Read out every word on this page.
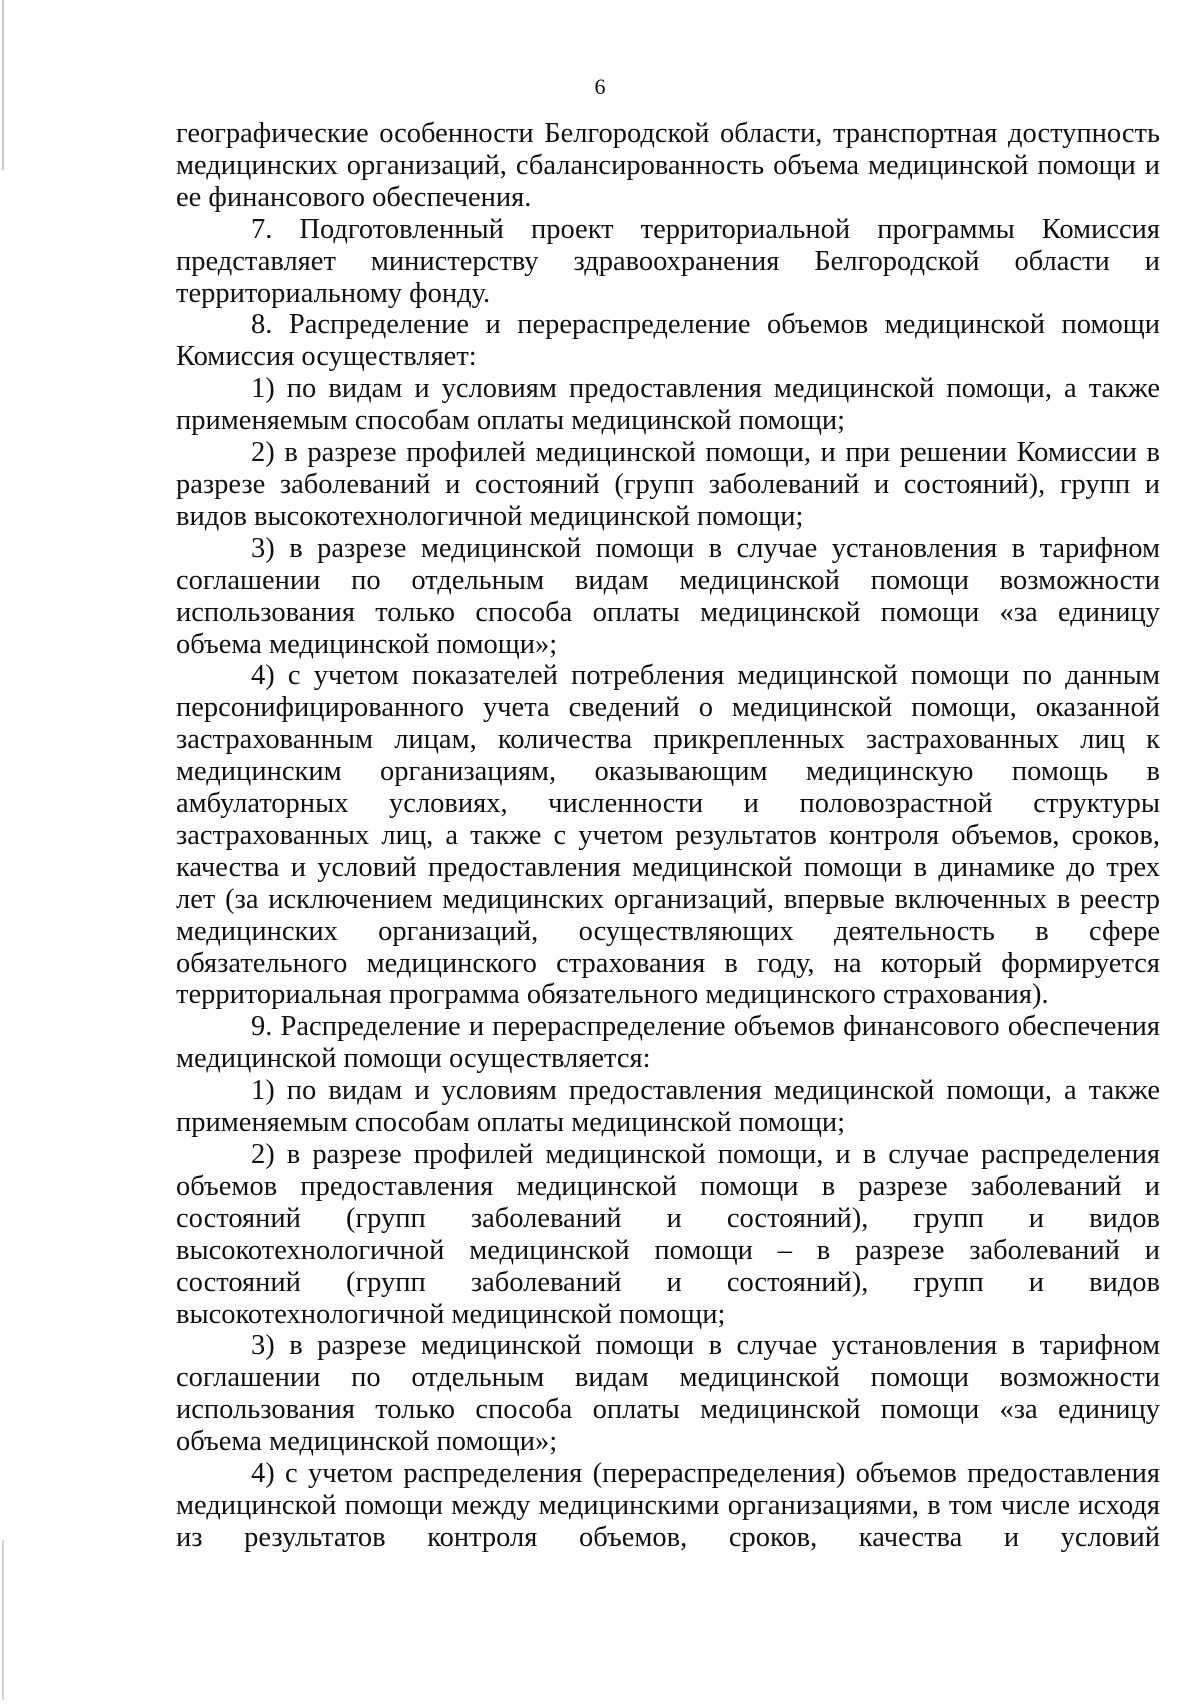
6

географические особенности Белгородской области, транспортная доступность медицинских организаций, сбалансированность объема медицинской помощи и ее финансового обеспечения.

7. Подготовленный проект территориальной программы Комиссия представляет министерству здравоохранения Белгородской области и территориальному фонду.

8. Распределение и перераспределение объемов медицинской помощи Комиссия осуществляет:

1) по видам и условиям предоставления медицинской помощи, а также применяемым способам оплаты медицинской помощи;

2) в разрезе профилей медицинской помощи, и при решении Комиссии в разрезе заболеваний и состояний (групп заболеваний и состояний), групп и видов высокотехнологичной медицинской помощи;

3) в разрезе медицинской помощи в случае установления в тарифном соглашении по отдельным видам медицинской помощи возможности использования только способа оплаты медицинской помощи «за единицу объема медицинской помощи»;

4) с учетом показателей потребления медицинской помощи по данным персонифицированного учета сведений о медицинской помощи, оказанной застрахованным лицам, количества прикрепленных застрахованных лиц к медицинским организациям, оказывающим медицинскую помощь в амбулаторных условиях, численности и половозрастной структуры застрахованных лиц, а также с учетом результатов контроля объемов, сроков, качества и условий предоставления медицинской помощи в динамике до трех лет (за исключением медицинских организаций, впервые включенных в реестр медицинских организаций, осуществляющих деятельность в сфере обязательного медицинского страхования в году, на который формируется территориальная программа обязательного медицинского страхования).

9. Распределение и перераспределение объемов финансового обеспечения медицинской помощи осуществляется:

1) по видам и условиям предоставления медицинской помощи, а также применяемым способам оплаты медицинской помощи;

2) в разрезе профилей медицинской помощи, и в случае распределения объемов предоставления медицинской помощи в разрезе заболеваний и состояний (групп заболеваний и состояний), групп и видов высокотехнологичной медицинской помощи – в разрезе заболеваний и состояний (групп заболеваний и состояний), групп и видов высокотехнологичной медицинской помощи;

3) в разрезе медицинской помощи в случае установления в тарифном соглашении по отдельным видам медицинской помощи возможности использования только способа оплаты медицинской помощи «за единицу объема медицинской помощи»;

4) с учетом распределения (перераспределения) объемов предоставления медицинской помощи между медицинскими организациями, в том числе исходя из результатов контроля объемов, сроков, качества и условий
